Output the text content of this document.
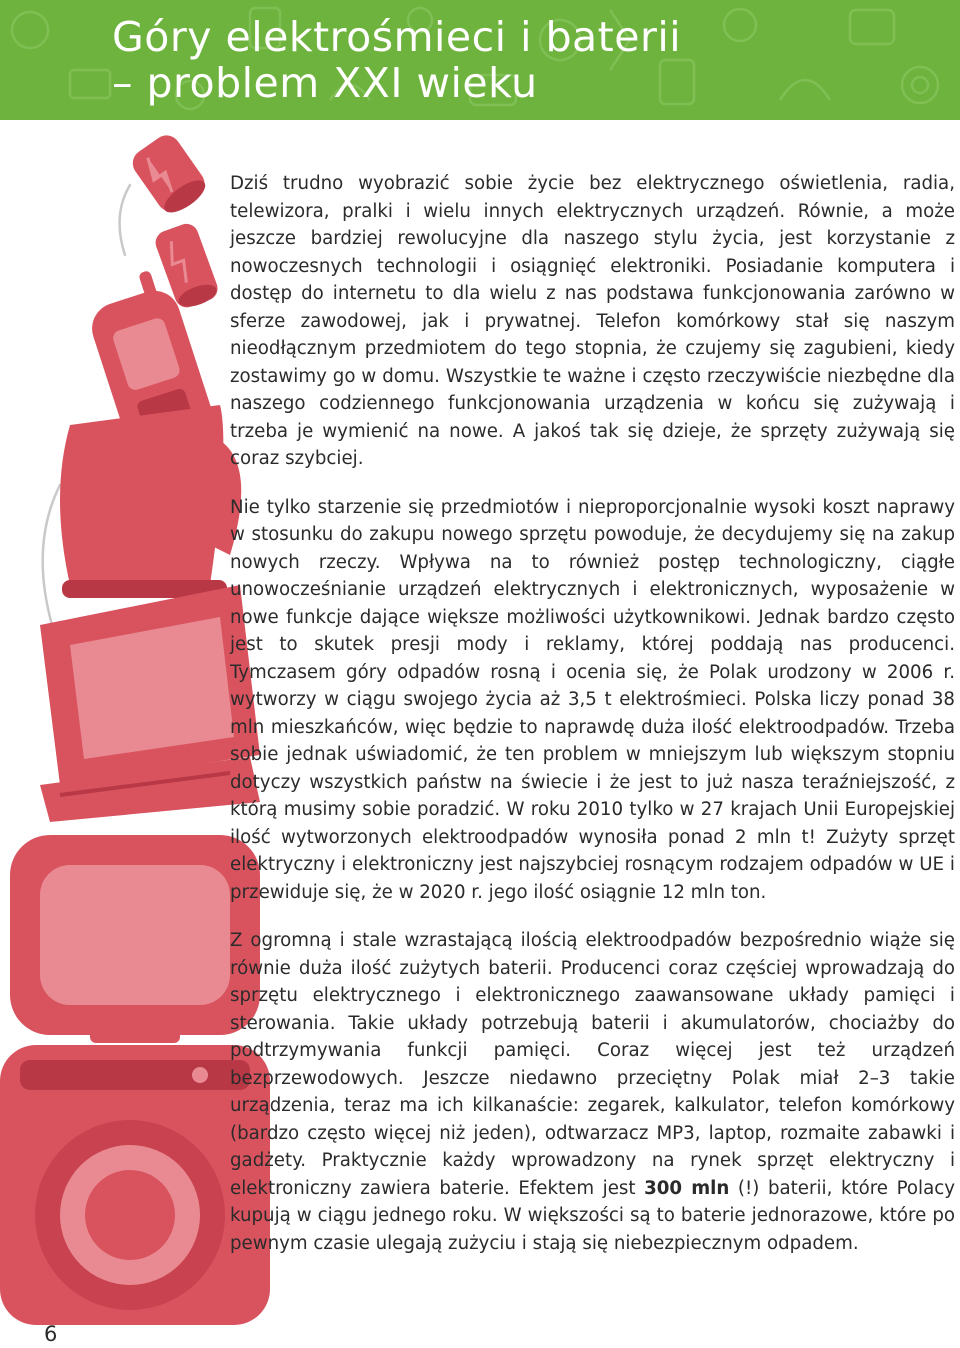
Góry elektrośmieci i baterii
– problem XXI wieku

Dziś trudno wyobrazić sobie życie bez elektrycznego oświetlenia, radia, telewizora, pralki i wielu innych elektrycznych urządzeń. Równie, a może jeszcze bardziej rewolucyjne dla naszego stylu życia, jest korzystanie z nowoczesnych technologii i osiągnięć elektroniki. Posiadanie komputera i dostęp do internetu to dla wielu z nas podstawa funkcjonowania zarówno w sferze zawodowej, jak i prywatnej. Telefon komórkowy stał się naszym nieodłącznym przedmiotem do tego stopnia, że czujemy się zagubieni, kiedy zostawimy go w domu. Wszystkie te ważne i często rzeczywiście niezbędne dla naszego codziennego funkcjonowania urządzenia w końcu się zużywają i trzeba je wymienić na nowe. A jakoś tak się dzieje, że sprzęty zużywają się coraz szybciej.

Nie tylko starzenie się przedmiotów i nieproporcjonalnie wysoki koszt naprawy w stosunku do zakupu nowego sprzętu powoduje, że decydujemy się na zakup nowych rzeczy. Wpływa na to również postęp technologiczny, ciągłe unowocześnianie urządzeń elektrycznych i elektronicznych, wyposażenie w nowe funkcje dające większe możliwości użytkownikowi. Jednak bardzo często jest to skutek presji mody i reklamy, której poddają nas producenci. Tymczasem góry odpadów rosną i ocenia się, że Polak urodzony w 2006 r. wytworzy w ciągu swojego życia aż 3,5 t elektrośmieci. Polska liczy ponad 38 mln mieszkańców, więc będzie to naprawdę duża ilość elektroodpadów. Trzeba sobie jednak uświadomić, że ten problem w mniejszym lub większym stopniu dotyczy wszystkich państw na świecie i że jest to już nasza teraźniejszość, z którą musimy sobie poradzić. W roku 2010 tylko w 27 krajach Unii Europejskiej ilość wytworzonych elektroodpadów wynosiła ponad 2 mln t! Zużyty sprzęt elektryczny i elektroniczny jest najszybciej rosnącym rodzajem odpadów w UE i przewiduje się, że w 2020 r. jego ilość osiągnie 12 mln ton.

Z ogromną i stale wzrastającą ilością elektroodpadów bezpośrednio wiąże się równie duża ilość zużytych baterii. Producenci coraz częściej wprowadzają do sprzętu elektrycznego i elektronicznego zaawansowane układy pamięci i sterowania. Takie układy potrzebują baterii i akumulatorów, chociażby do podtrzymywania funkcji pamięci. Coraz więcej jest też urządzeń bezprzewodowych. Jeszcze niedawno przeciętny Polak miał 2–3 takie urządzenia, teraz ma ich kilkanaście: zegarek, kalkulator, telefon komórkowy (bardzo często więcej niż jeden), odtwarzacz MP3, laptop, rozmaite zabawki i gadżety. Praktycznie każdy wprowadzony na rynek sprzęt elektryczny i elektroniczny zawiera baterie. Efektem jest 300 mln (!) baterii, które Polacy kupują w ciągu jednego roku. W większości są to baterie jednorazowe, które po pewnym czasie ulegają zużyciu i stają się niebezpiecznym odpadem.

6
